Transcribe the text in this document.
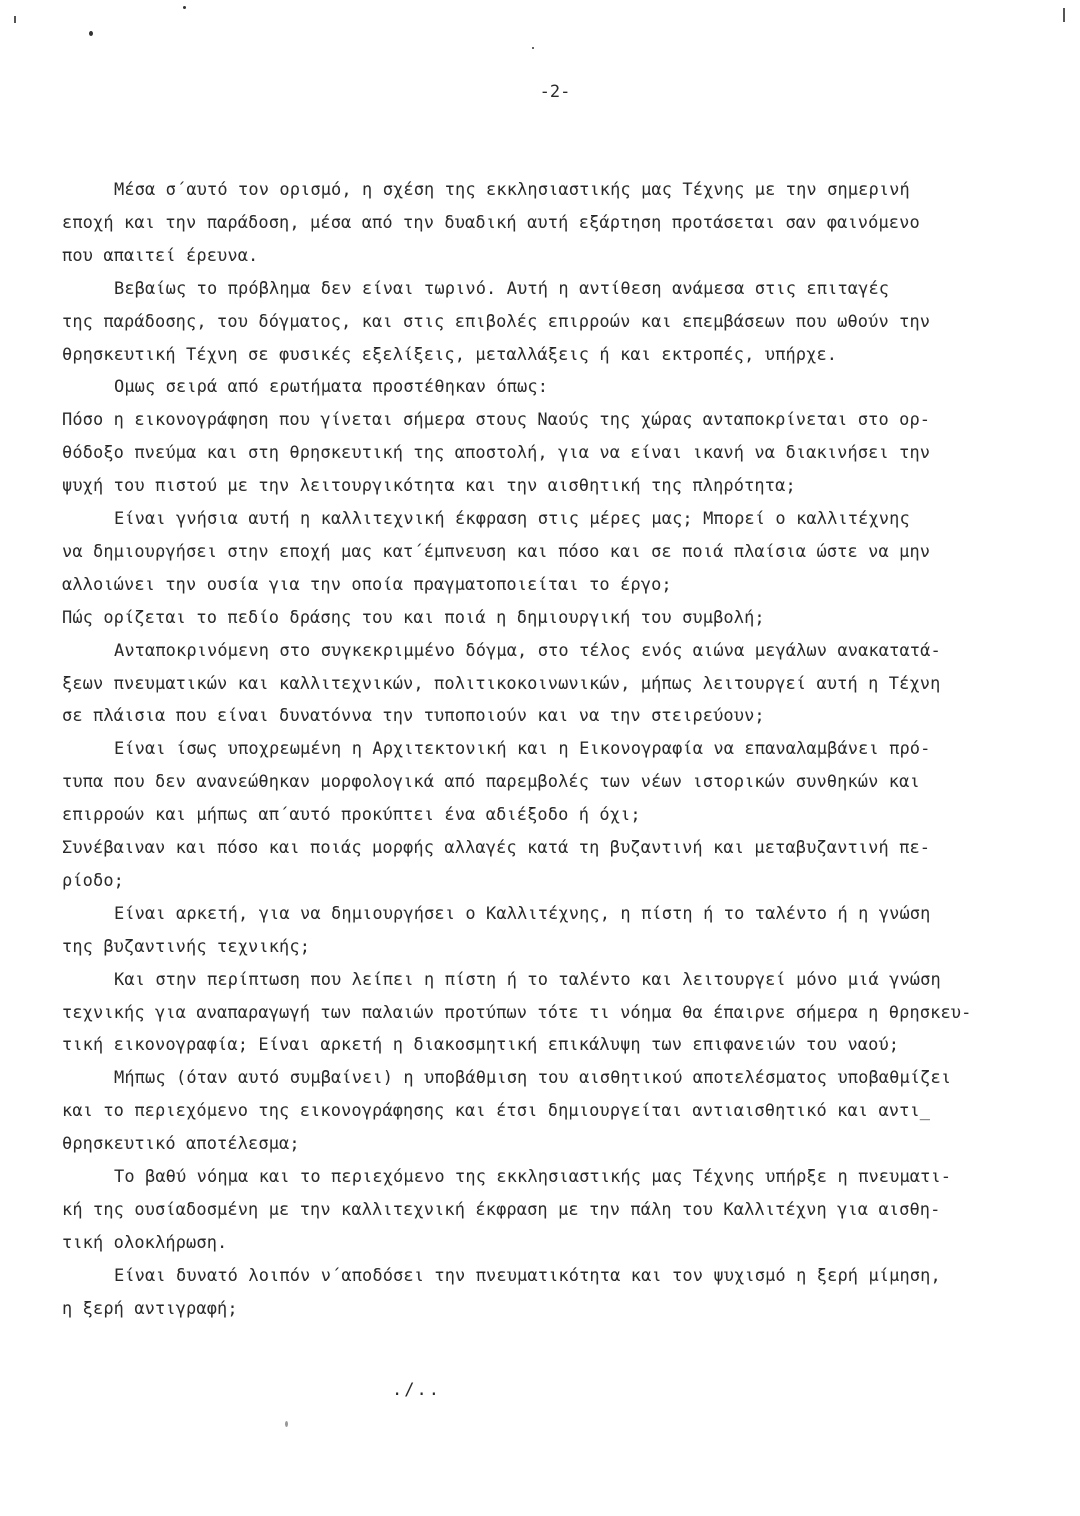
-2-
Μέσα σ΄αυτό τον ορισμό, η σχέση της εκκλησιαστικής μας Τέχνης με την σημερινή
εποχή και την παράδοση, μέσα από την δυαδική αυτή εξάρτηση προτάσεται σαν φαινόμενο
που απαιτεί έρευνα.
Βεβαίως το πρόβλημα δεν είναι τωρινό. Αυτή η αντίθεση ανάμεσα στις επιταγές
της παράδοσης, του δόγματος, και στις επιβολές επιρροών και επεμβάσεων που ωθούν την
θρησκευτική Τέχνη σε φυσικές εξελίξεις, μεταλλάξεις ή και εκτροπές, υπήρχε.
Ομως σειρά από ερωτήματα προστέθηκαν όπως:
Πόσο η εικονογράφηση που γίνεται σήμερα στους Ναούς της χώρας ανταποκρίνεται στο ορ-
θόδοξο πνεύμα και στη θρησκευτική της αποστολή, για να είναι ικανή να διακινήσει την
ψυχή του πιστού με την λειτουργικότητα και την αισθητική της πληρότητα;
Είναι γνήσια αυτή η καλλιτεχνική έκφραση στις μέρες μας; Μπορεί ο καλλιτέχνης
να δημιουργήσει στην εποχή μας κατ΄έμπνευση και πόσο και σε ποιά πλαίσια ώστε να μην
αλλοιώνει την ουσία για την οποία πραγματοποιείται το έργο;
Πώς ορίζεται το πεδίο δράσης του και ποιά η δημιουργική του συμβολή;
Ανταποκρινόμενη στο συγκεκριμμένο δόγμα, στο τέλος ενός αιώνα μεγάλων ανακατατά-
ξεων πνευματικών και καλλιτεχνικών, πολιτικοκοινωνικών, μήπως λειτουργεί αυτή η Τέχνη
σε πλάισια που είναι δυνατόννα την τυποποιούν και να την στειρεύουν;
Είναι ίσως υποχρεωμένη η Αρχιτεκτονική και η Εικονογραφία να επαναλαμβάνει πρό-
τυπα που δεν ανανεώθηκαν μορφολογικά από παρεμβολές των νέων ιστορικών συνθηκών και
επιρροών και μήπως απ΄αυτό προκύπτει ένα αδιέξοδο ή όχι;
Συνέβαιναν και πόσο και ποιάς μορφής αλλαγές κατά τη βυζαντινή και μεταβυζαντινή πε-
ρίοδο;
Είναι αρκετή, για να δημιουργήσει ο Καλλιτέχνης, η πίστη ή το ταλέντο ή η γνώση
της βυζαντινής τεχνικής;
Και στην περίπτωση που λείπει η πίστη ή το ταλέντο και λειτουργεί μόνο μιά γνώση
τεχνικής για αναπαραγωγή των παλαιών προτύπων τότε τι νόημα θα έπαιρνε σήμερα η θρησκευ-
τική εικονογραφία; Είναι αρκετή η διακοσμητική επικάλυψη των επιφανειών του ναού;
Μήπως (όταν αυτό συμβαίνει) η υποβάθμιση του αισθητικού αποτελέσματος υποβαθμίζει
και το περιεχόμενο της εικονογράφησης και έτσι δημιουργείται αντιαισθητικό και αντι_
θρησκευτικό αποτέλεσμα;
Το βαθύ νόημα και το περιεχόμενο της εκκλησιαστικής μας Τέχνης υπήρξε η πνευματι-
κή της ουσίαδοσμένη με την καλλιτεχνική έκφραση με την πάλη του Καλλιτέχνη για αισθη-
τική ολοκλήρωση.
Είναι δυνατό λοιπόν ν΄αποδόσει την πνευματικότητα και τον ψυχισμό η ξερή μίμηση,
η ξερή αντιγραφή;
./..
